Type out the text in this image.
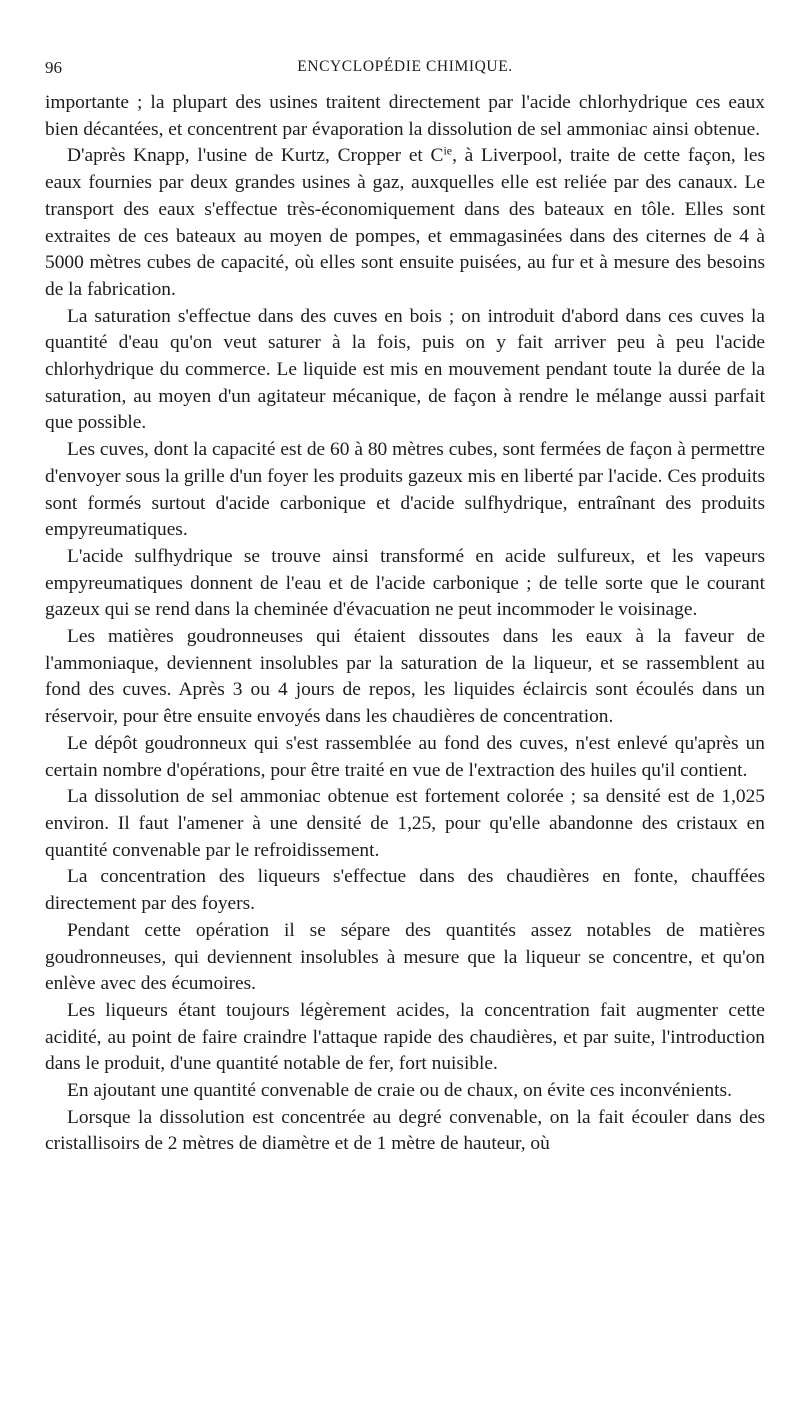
96	ENCYCLOPÉDIE CHIMIQUE.

importante ; la plupart des usines traitent directement par l'acide chlorhydrique ces eaux bien décantées, et concentrent par évaporation la dissolution de sel ammoniac ainsi obtenue.

D'après Knapp, l'usine de Kurtz, Cropper et $C^{ie}$, à Liverpool, traite de cette façon, les eaux fournies par deux grandes usines à gaz, auxquelles elle est reliée par des canaux. Le transport des eaux s'effectue très-économiquement dans des bateaux en tôle. Elles sont extraites de ces bateaux au moyen de pompes, et emmagasinées dans des citernes de 4 à 5000 mètres cubes de capacité, où elles sont ensuite puisées, au fur et à mesure des besoins de la fabrication.

La saturation s'effectue dans des cuves en bois ; on introduit d'abord dans ces cuves la quantité d'eau qu'on veut saturer à la fois, puis on y fait arriver peu à peu l'acide chlorhydrique du commerce. Le liquide est mis en mouvement pendant toute la durée de la saturation, au moyen d'un agitateur mécanique, de façon à rendre le mélange aussi parfait que possible.

Les cuves, dont la capacité est de 60 à 80 mètres cubes, sont fermées de façon à permettre d'envoyer sous la grille d'un foyer les produits gazeux mis en liberté par l'acide. Ces produits sont formés surtout d'acide carbonique et d'acide sulfhydrique, entraînant des produits empyreumatiques.

L'acide sulfhydrique se trouve ainsi transformé en acide sulfureux, et les vapeurs empyreumatiques donnent de l'eau et de l'acide carbonique ; de telle sorte que le courant gazeux qui se rend dans la cheminée d'évacuation ne peut incommoder le voisinage.

Les matières goudronneuses qui étaient dissoutes dans les eaux à la faveur de l'ammoniaque, deviennent insolubles par la saturation de la liqueur, et se rassemblent au fond des cuves. Après 3 ou 4 jours de repos, les liquides éclaircis sont écoulés dans un réservoir, pour être ensuite envoyés dans les chaudières de concentration.

Le dépôt goudronneux qui s'est rassemblée au fond des cuves, n'est enlevé qu'après un certain nombre d'opérations, pour être traité en vue de l'extraction des huiles qu'il contient.

La dissolution de sel ammoniac obtenue est fortement colorée ; sa densité est de 1,025 environ. Il faut l'amener à une densité de 1,25, pour qu'elle abandonne des cristaux en quantité convenable par le refroidissement.

La concentration des liqueurs s'effectue dans des chaudières en fonte, chauffées directement par des foyers.

Pendant cette opération il se sépare des quantités assez notables de matières goudronneuses, qui deviennent insolubles à mesure que la liqueur se concentre, et qu'on enlève avec des écumoires.

Les liqueurs étant toujours légèrement acides, la concentration fait augmenter cette acidité, au point de faire craindre l'attaque rapide des chaudières, et par suite, l'introduction dans le produit, d'une quantité notable de fer, fort nuisible.

En ajoutant une quantité convenable de craie ou de chaux, on évite ces inconvénients.

Lorsque la dissolution est concentrée au degré convenable, on la fait écouler dans des cristallisoirs de 2 mètres de diamètre et de 1 mètre de hauteur, où
